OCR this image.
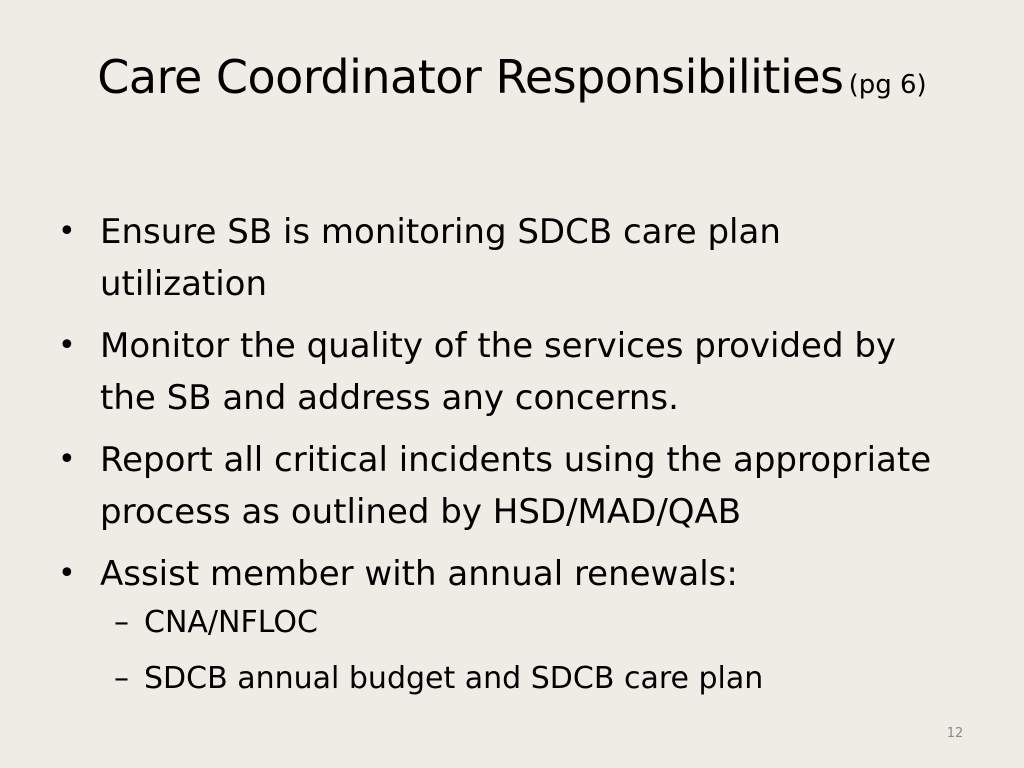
Care Coordinator Responsibilities (pg 6)
• Ensure SB is monitoring SDCB care plan utilization
• Monitor the quality of the services provided by the SB and address any concerns.
• Report all critical incidents using the appropriate process as outlined by HSD/MAD/QAB
• Assist member with annual renewals:
– CNA/NFLOC
– SDCB annual budget and SDCB care plan
12
